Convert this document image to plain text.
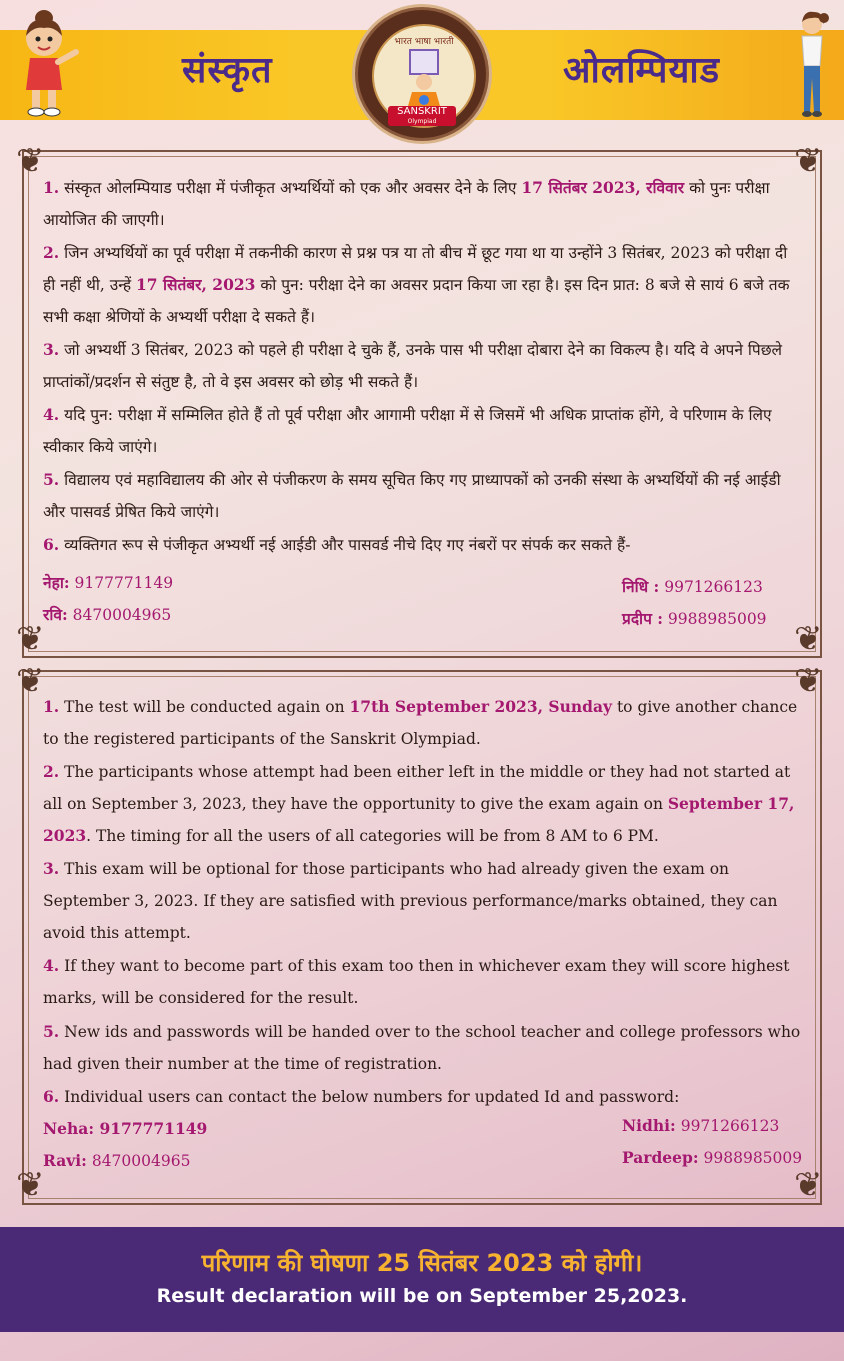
संस्कृत	ओलम्पियाड
भारत भाषा भारती
SANSKRIT
Olympiad
❦	❦
❦	❦
1. संस्कृत ओलम्पियाड परीक्षा में पंजीकृत अभ्यर्थियों को एक और अवसर देने के लिए 17 सितंबर 2023, रविवार को पुनः परीक्षा आयोजित की जाएगी।
2. जिन अभ्यर्थियों का पूर्व परीक्षा में तकनीकी कारण से प्रश्न पत्र या तो बीच में छूट गया था या उन्होंने 3 सितंबर, 2023 को परीक्षा दी ही नहीं थी, उन्हें 17 सितंबर, 2023 को पुन: परीक्षा देने का अवसर प्रदान किया जा रहा है। इस दिन प्रात: 8 बजे से सायं 6 बजे तक सभी कक्षा श्रेणियों के अभ्यर्थी परीक्षा दे सकते हैं।
3. जो अभ्यर्थी 3 सितंबर, 2023 को पहले ही परीक्षा दे चुके हैं, उनके पास भी परीक्षा दोबारा देने का विकल्प है। यदि वे अपने पिछले प्राप्तांकों/प्रदर्शन से संतुष्ट है, तो वे इस अवसर को छोड़ भी सकते हैं।
4. यदि पुन: परीक्षा में सम्मिलित होते हैं तो पूर्व परीक्षा और आगामी परीक्षा में से जिसमें भी अधिक प्राप्तांक होंगे, वे परिणाम के लिए स्वीकार किये जाएंगे।
5. विद्यालय एवं महाविद्यालय की ओर से पंजीकरण के समय सूचित किए गए प्राध्यापकों को उनकी संस्था के अभ्यर्थियों की नई आईडी और पासवर्ड प्रेषित किये जाएंगे।
6. व्यक्तिगत रूप से पंजीकृत अभ्यर्थी नई आईडी और पासवर्ड नीचे दिए गए नंबरों पर संपर्क कर सकते हैं-
नेहा: 9177771149
रवि: 8470004965
निधि : 9971266123
प्रदीप : 9988985009
❦	❦
❦	❦
1. The test will be conducted again on 17th September 2023, Sunday to give another chance to the registered participants of the Sanskrit Olympiad.
2. The participants whose attempt had been either left in the middle or they had not started at all on September 3, 2023, they have the opportunity to give the exam again on September 17, 2023. The timing for all the users of all categories will be from 8 AM to 6 PM.
3. This exam will be optional for those participants who had already given the exam on September 3, 2023. If they are satisfied with previous performance/marks obtained, they can avoid this attempt.
4. If they want to become part of this exam too then in whichever exam they will score highest marks, will be considered for the result.
5. New ids and passwords will be handed over to the school teacher and college professors who had given their number at the time of registration.
6. Individual users can contact the below numbers for updated Id and password:
Neha: 9177771149
Ravi: 8470004965
Nidhi: 9971266123
Pardeep: 9988985009
परिणाम की घोषणा 25 सितंबर 2023 को होगी।
Result declaration will be on September 25,2023.
